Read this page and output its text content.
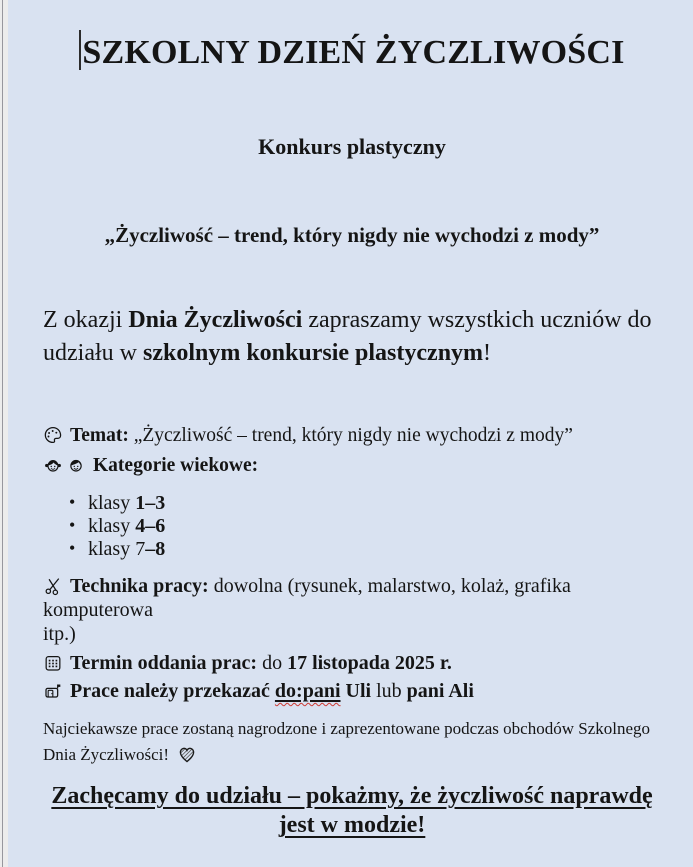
SZKOLNY DZIEŃ ŻYCZLIWOŚCI
Konkurs plastyczny
„Życzliwość – trend, który nigdy nie wychodzi z mody”

Z okazji Dnia Życzliwości zapraszamy wszystkich uczniów do
udziału w szkolnym konkursie plastycznym!

Temat: „Życzliwość – trend, który nigdy nie wychodzi z mody”

Kategorie wiekowe:

• klasy 1–3
• klasy 4–6
• klasy 7–8

Technika pracy: dowolna (rysunek, malarstwo, kolaż, grafika komputerowa
itp.)

Termin oddania prac: do 17 listopada 2025 r.

Prace należy przekazać do:pani Uli lub pani Ali

Najciekawsze prace zostaną nagrodzone i zaprezentowane podczas obchodów Szkolnego
Dnia Życzliwości!

Zachęcamy do udziału – pokażmy, że życzliwość naprawdę
jest w modzie!
